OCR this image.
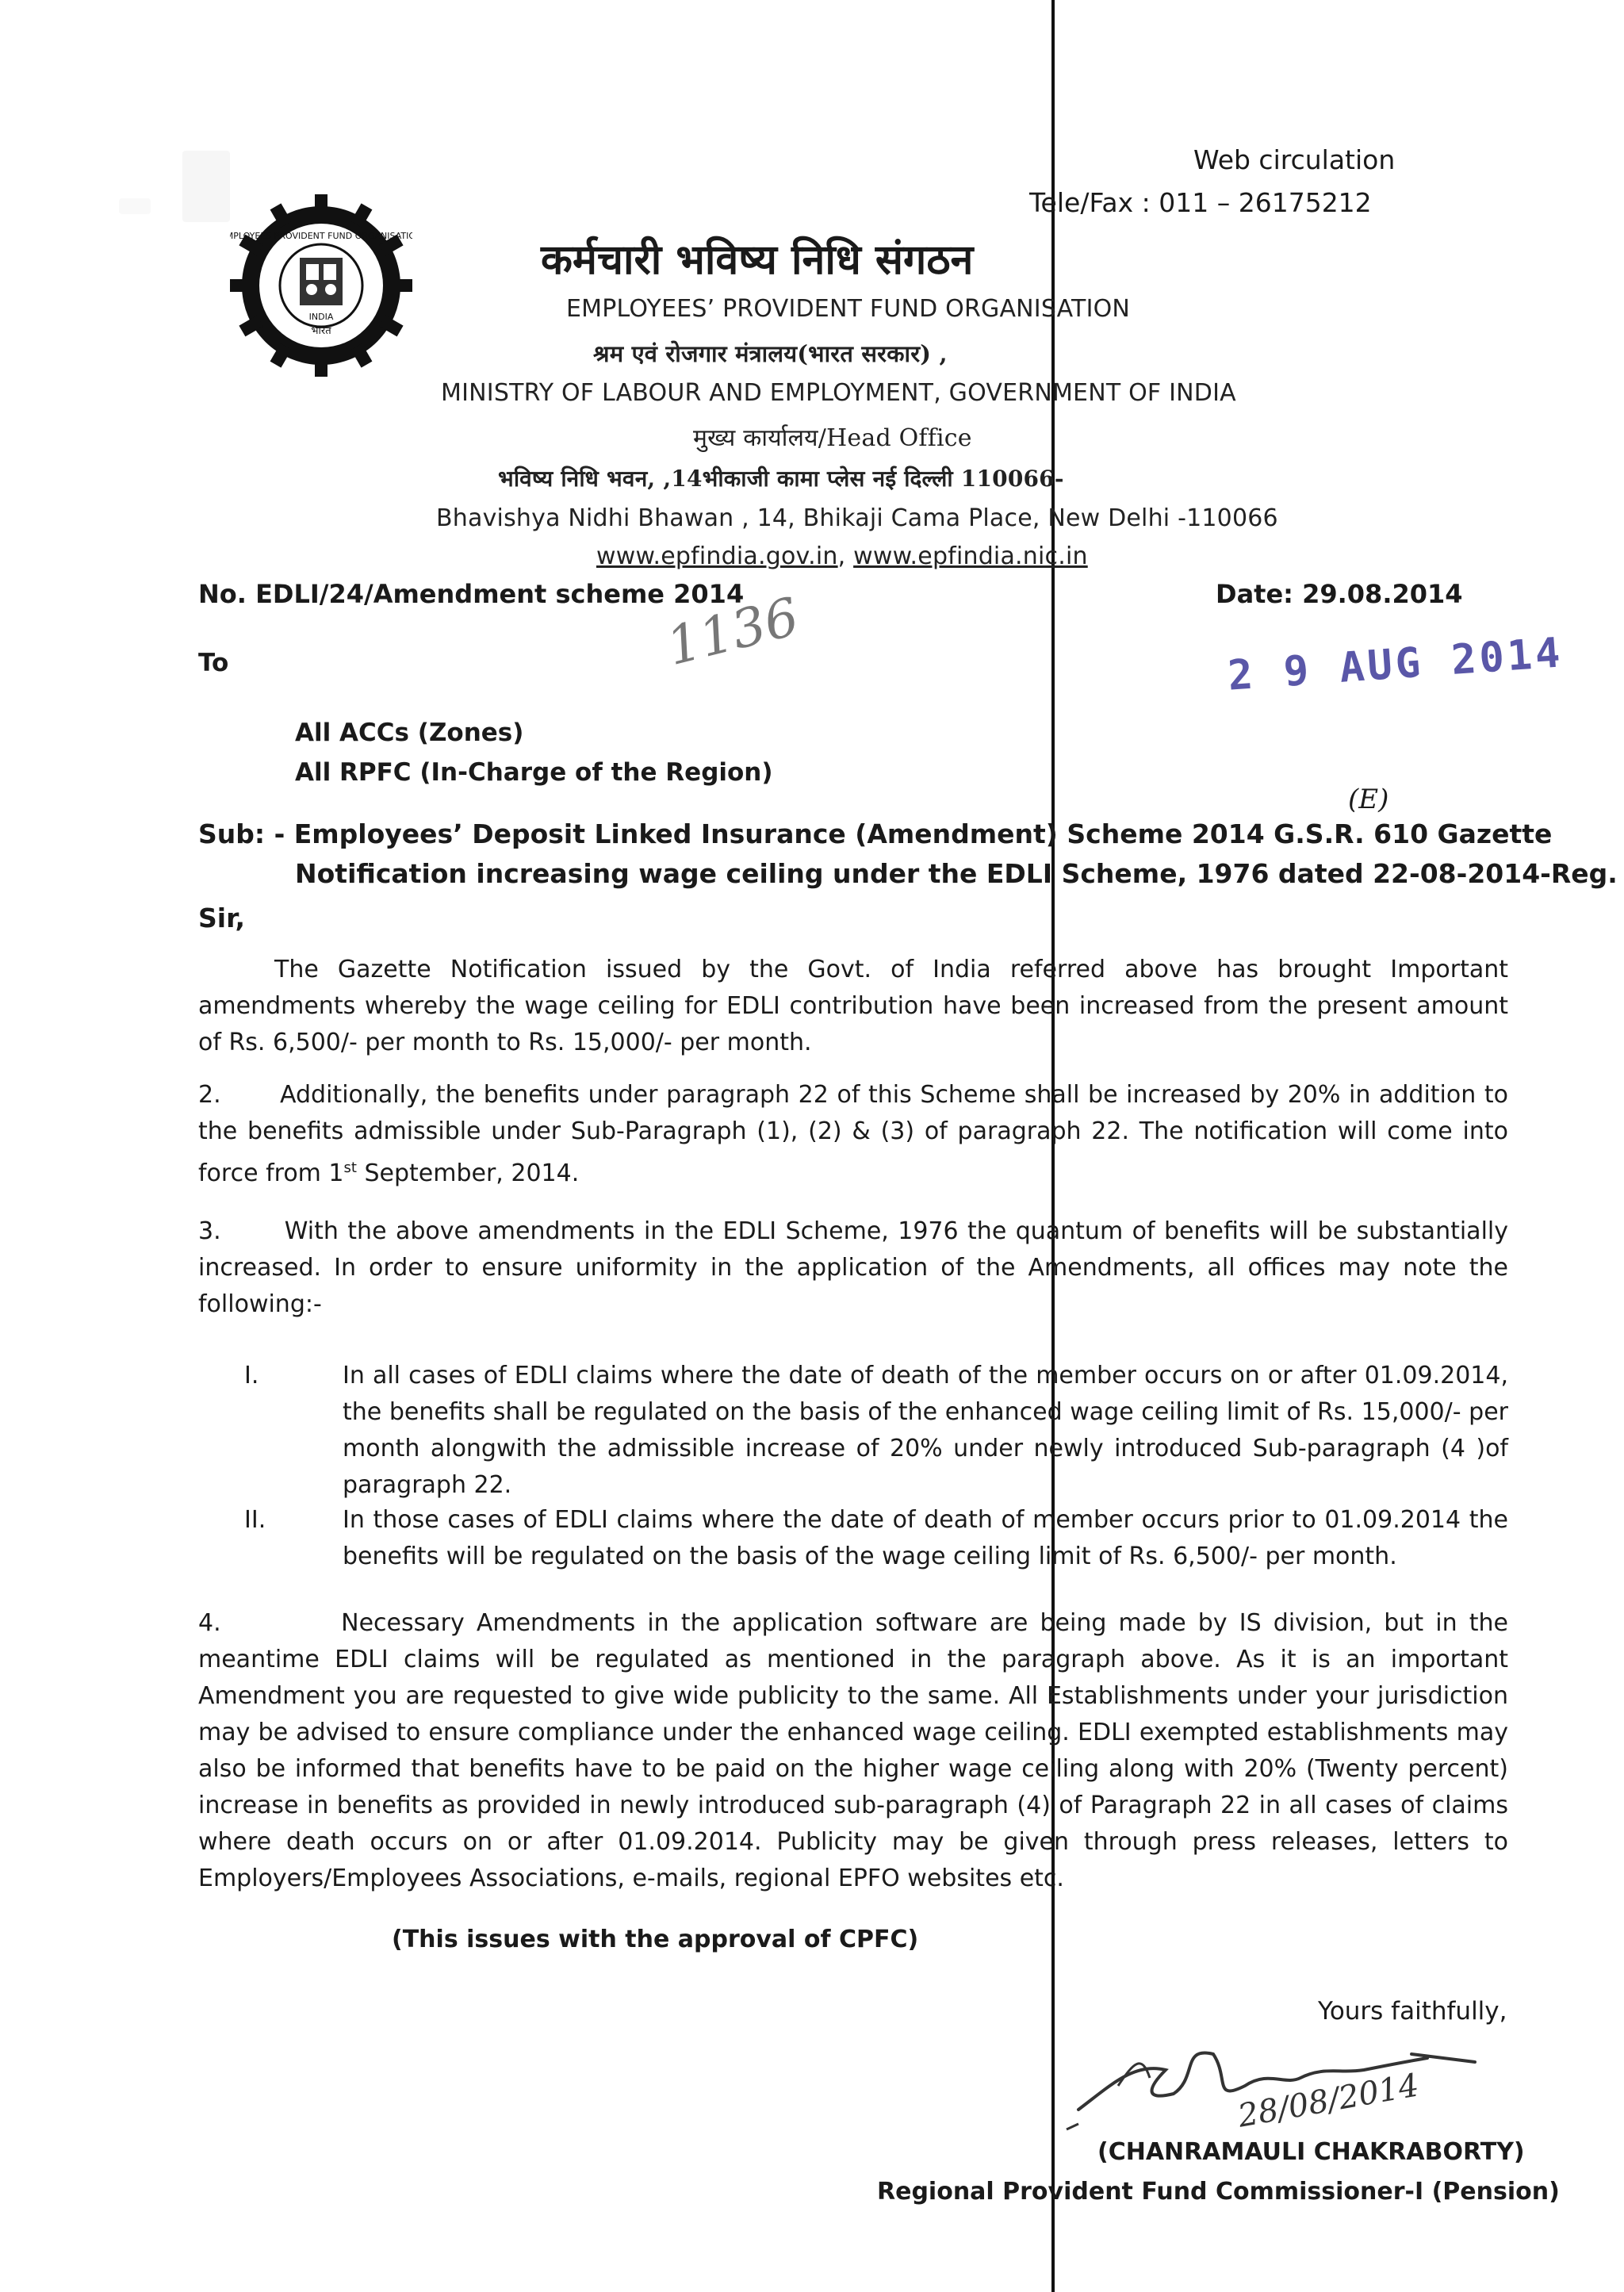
EMPLOYEES PROVIDENT FUND ORGANISATION
INDIA
भारत
Web circulation
Tele/Fax : 011 – 26175212
कर्मचारी भविष्य निधि संगठन
EMPLOYEES’ PROVIDENT FUND ORGANISATION
श्रम एवं रोजगार मंत्रालय(भारत सरकार) ,
MINISTRY OF LABOUR AND EMPLOYMENT, GOVERNMENT OF INDIA
मुख्य कार्यालय/Head Office
भविष्य निधि भवन, ,14भीकाजी कामा प्लेस नई दिल्ली 110066-
Bhavishya Nidhi Bhawan , 14, Bhikaji Cama Place, New Delhi -110066
www.epfindia.gov.in, www.epfindia.nic.in
No. EDLI/24/Amendment scheme 2014	Date: 29.08.2014
1136	2 9 AUG 2014
To
All ACCs (Zones)
All RPFC (In-Charge of the Region)
(E)
Sub: - Employees’ Deposit Linked Insurance (Amendment) Scheme 2014 G.S.R. 610 Gazette
Notification increasing wage ceiling under the EDLI Scheme, 1976 dated 22-08-2014-Reg.
Sir,
The Gazette Notification issued by the Govt. of India referred above has brought Important amendments whereby the wage ceiling for EDLI contribution have been increased from the present amount of Rs. 6,500/- per month to Rs. 15,000/- per month.
2. Additionally, the benefits under paragraph 22 of this Scheme shall be increased by 20% in addition to the benefits admissible under Sub-Paragraph (1), (2) & (3) of paragraph 22. The notification will come into force from 1st September, 2014.
3.	With the above amendments in the EDLI Scheme, 1976 the quantum of benefits will be substantially increased. In order to ensure uniformity in the application of the Amendments, all offices may note the following:-
I.	In all cases of EDLI claims where the date of death of the member occurs on or after 01.09.2014, the benefits shall be regulated on the basis of the enhanced wage ceiling limit of Rs. 15,000/- per month alongwith the admissible increase of 20% under newly introduced Sub-paragraph (4 )of paragraph 22.
II.	In those cases of EDLI claims where the date of death of member occurs prior to 01.09.2014 the benefits will be regulated on the basis of the wage ceiling limit of Rs. 6,500/- per month.
4.	Necessary Amendments in the application software are being made by IS division, but in the meantime EDLI claims will be regulated as mentioned in the paragraph above. As it is an important Amendment you are requested to give wide publicity to the same. All Establishments under your jurisdiction may be advised to ensure compliance under the enhanced wage ceiling. EDLI exempted establishments may also be informed that benefits have to be paid on the higher wage ceiling along with 20% (Twenty percent) increase in benefits as provided in newly introduced sub-paragraph (4) of Paragraph 22 in all cases of claims where death occurs on or after 01.09.2014. Publicity may be given through press releases, letters to Employers/Employees Associations, e-mails, regional EPFO websites etc.
(This issues with the approval of CPFC)
Yours faithfully,
28/08/2014
(CHANRAMAULI CHAKRABORTY)
Regional Provident Fund Commissioner-I (Pension)
